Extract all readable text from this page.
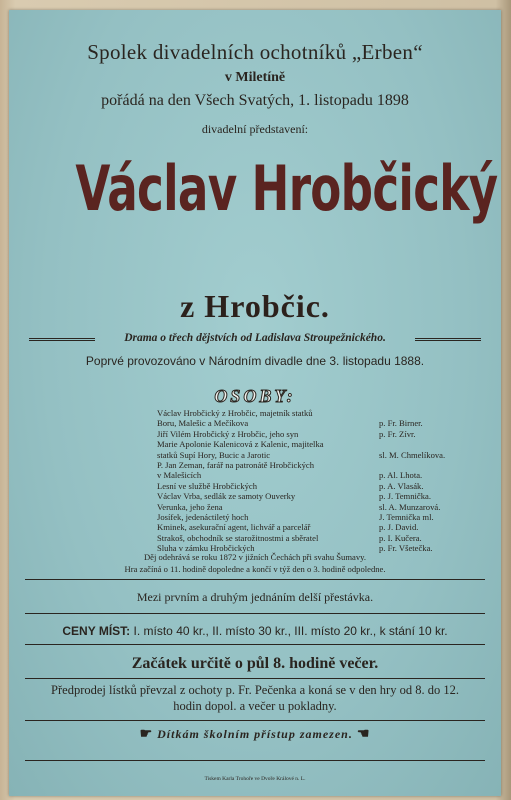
Spolek divadelních ochotníků „Erben“
v Miletíně
pořádá na den Všech Svatých, 1. listopadu 1898
divadelní představení:
Václav Hrobčický
z Hrobčic.
Drama o třech dějstvích od Ladislava Stroupežnického.
Poprvé provozováno v Národním divadle dne 3. listopadu 1888.
OSOBY:
Václav Hrobčický z Hrobčic, majetník statků
Boru, Malešic a Mečíkova	p. Fr. Birner.
Jiří Vilém Hrobčický z Hrobčic, jeho syn	p. Fr. Zívr.
Marie Apolonie Kalenicová z Kalenic, majitelka
statků Supí Hory, Bucic a Jarotic	sl. M. Chmelíkova.
P. Jan Zeman, farář na patronátě Hrobčických
v Malešicích	p. Al. Lhota.
Lesní ve službě Hrobčických	p. A. Vlasák.
Václav Vrba, sedlák ze samoty Ouverky	p. J. Temnička.
Verunka, jeho žena	sl. A. Munzarová.
Josífek, jedenáctiletý hoch	J. Temnička ml.
Kminek, asekurační agent, lichvář a parcelář	p. J. David.
Strakoš, obchodník se starožitnostmi a sběratel	p. I. Kučera.
Sluha v zámku Hrobčických	p. Fr. Všetečka.
Děj odehrává se roku 1872 v jižních Čechách při svahu Šumavy.
Hra začíná o 11. hodině dopoledne a končí v týž den o 3. hodině odpoledne.
Mezi prvním a druhým jednáním delší přestávka.
CENY MÍST: I. místo 40 kr., II. místo 30 kr., III. místo 20 kr., k stání 10 kr.
Začátek určitě o půl 8. hodině večer.
Předprodej lístků převzal z ochoty p. Fr. Pečenka a koná se v den hry od 8. do 12. hodin dopol. a večer u pokladny.
☛ Dítkám školním přístup zamezen. ☚
Tiskem Karla Trohoře ve Dvoře Králové n. L.
